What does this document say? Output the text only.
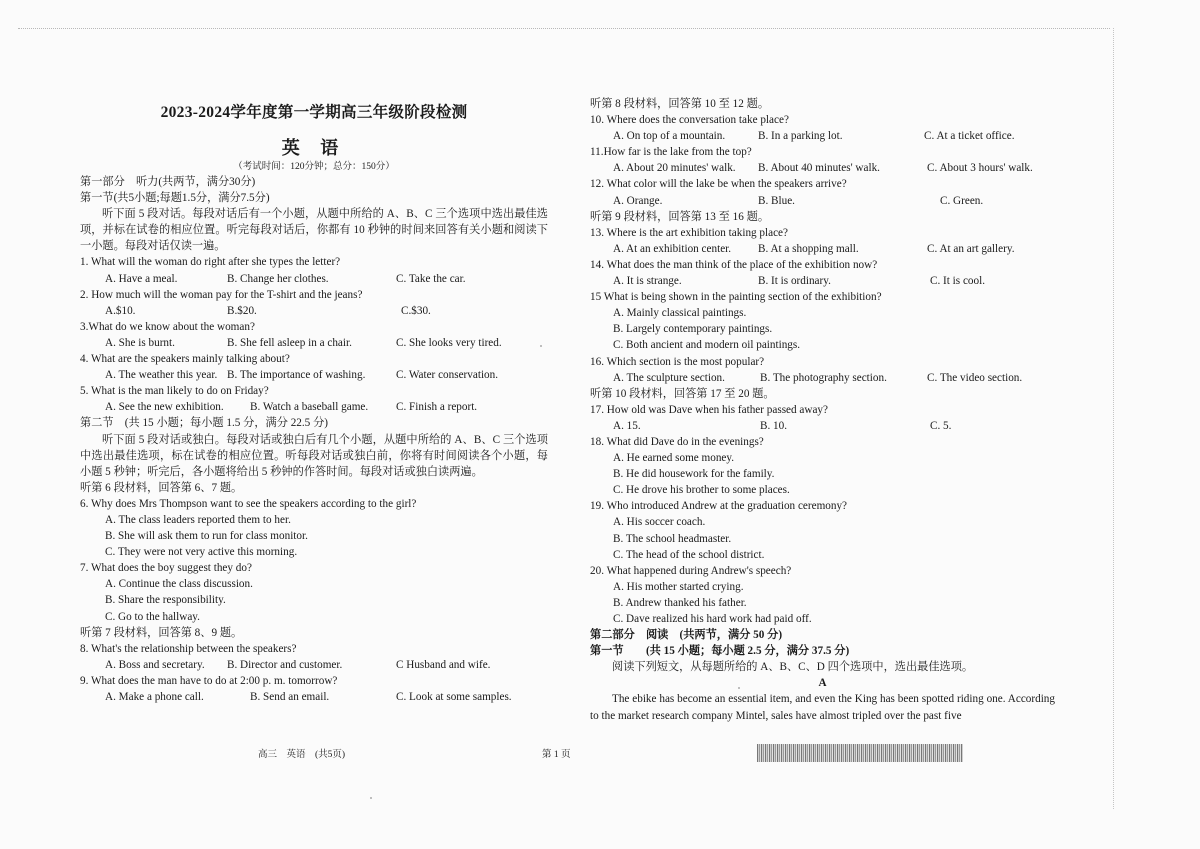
2023-2024学年度第一学期高三年级阶段检测
英 语
（考试时间：120分钟；总分：150分）
第一部分　听力(共两节，满分30分)
第一节(共5小题;每题1.5分，满分7.5分)
听下面 5 段对话。每段对话后有一个小题，从题中所给的 A、B、C 三个选项中选出最佳选项，并标在试卷的相应位置。听完每段对话后，你都有 10 秒钟的时间来回答有关小题和阅读下一小题。每段对话仅读一遍。
1. What will the woman do right after she types the letter?
A. Have a meal.	B. Change her clothes.	C. Take the car.
2. How much will the woman pay for the T-shirt and the jeans?
A.$10.	B.$20.	C.$30.
3.What do we know about the woman?
A. She is burnt.	B. She fell asleep in a chair.	C. She looks very tired.
4. What are the speakers mainly talking about?
A. The weather this year. B. The importance of washing.	C. Water conservation.
5. What is the man likely to do on Friday?
A. See the new exhibition. B. Watch a baseball game. C. Finish a report.
第二节　(共 15 小题；每小题 1.5 分，满分 22.5 分)
听下面 5 段对话或独白。每段对话或独白后有几个小题，从题中所给的 A、B、C 三个选项中选出最佳选项，标在试卷的相应位置。听每段对话或独白前，你将有时间阅读各个小题，每小题 5 秒钟；听完后，各小题将给出 5 秒钟的作答时间。每段对话或独白读两遍。
听第 6 段材料，回答第 6、7 题。
6. Why does Mrs Thompson want to see the speakers according to the girl?
A. The class leaders reported them to her.
B. She will ask them to run for class monitor.
C. They were not very active this morning.
7. What does the boy suggest they do?
A. Continue the class discussion.
B. Share the responsibility.
C. Go to the hallway.
听第 7 段材料，回答第 8、9 题。
8. What's the relationship between the speakers?
A. Boss and secretary. B. Director and customer.	C Husband and wife.
9. What does the man have to do at 2:00 p. m. tomorrow?
A. Make a phone call.	B. Send an email.	C. Look at some samples.
听第 8 段材料，回答第 10 至 12 题。
10. Where does the conversation take place?
A. On top of a mountain.	B. In a parking lot.	C. At a ticket office.
11.How far is the lake from the top?
A. About 20 minutes' walk. B. About 40 minutes' walk.	C. About 3 hours' walk.
12. What color will the lake be when the speakers arrive?
A. Orange.	B. Blue.	C. Green.
听第 9 段材料，回答第 13 至 16 题。
13. Where is the art exhibition taking place?
A. At an exhibition center. B. At a shopping mall.	C. At an art gallery.
14. What does the man think of the place of the exhibition now?
A. It is strange.	B. It is ordinary.	C. It is cool.
15 What is being shown in the painting section of the exhibition?
A. Mainly classical paintings.
B. Largely contemporary paintings.
C. Both ancient and modern oil paintings.
16. Which section is the most popular?
A. The sculpture section.	B. The photography section.	C. The video section.
听第 10 段材料，回答第 17 至 20 题。
17. How old was Dave when his father passed away?
A. 15.	B. 10.	C. 5.
18. What did Dave do in the evenings?
A. He earned some money.
B. He did housework for the family.
C. He drove his brother to some places.
19. Who introduced Andrew at the graduation ceremony?
A. His soccer coach.
B. The school headmaster.
C. The head of the school district.
20. What happened during Andrew's speech?
A. His mother started crying.
B. Andrew thanked his father.
C. Dave realized his hard work had paid off.
第二部分　阅读　(共两节，满分 50 分)
第一节　　(共 15 小题；每小题 2.5 分，满分 37.5 分)
阅读下列短文，从每题所给的 A、B、C、D 四个选项中，选出最佳选项。
A
The ebike has become an essential item, and even the King has been spotted riding one. According to the market research company Mintel, sales have almost tripled over the past five
高三　英语　(共5页)	第 1 页
